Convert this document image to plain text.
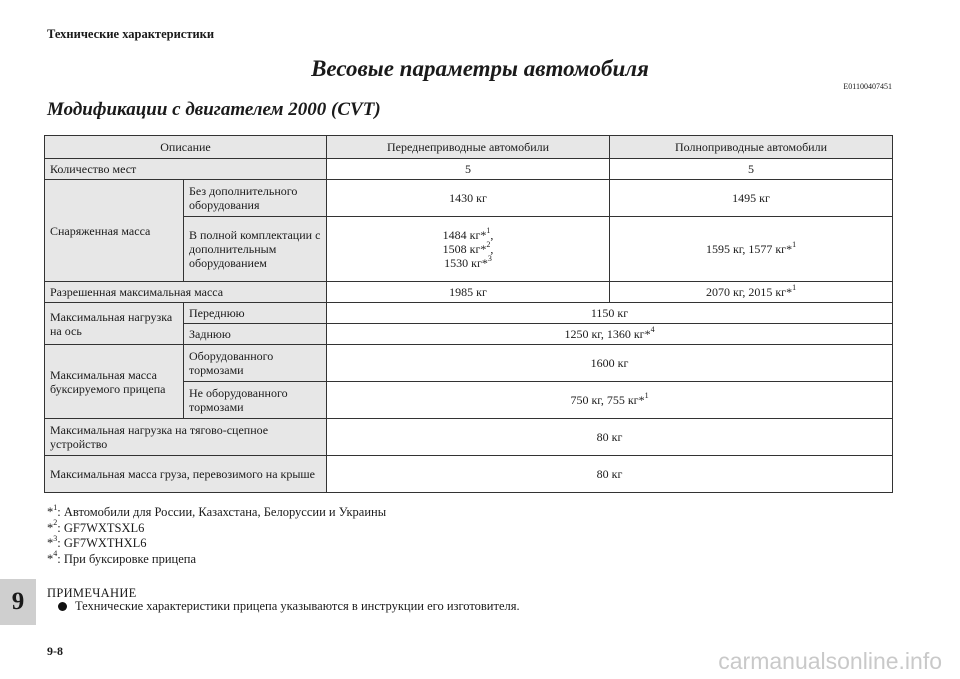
Технические характеристики
Весовые параметры автомобиля
E01100407451
Модификации с двигателем 2000 (CVT)
Описание		Переднеприводные автомобили	Полноприводные автомобили
Количество мест		5	5
Снаряженная масса	Без дополнительного оборудования	1430 кг	1495 кг
	В полной комплектации с дополнительным оборудованием	1484 кг*$^1$,
1508 кг*$^2$,
1530 кг*$^3$	1595 кг, 1577 кг*$^1$
Разрешенная максимальная масса		1985 кг	2070 кг, 2015 кг*$^1$
Максимальная нагрузка на ось	Переднюю	1150 кг	
	Заднюю	1250 кг, 1360 кг*$^4$
Максимальная масса буксируемого прицепа	Оборудованного тормозами	1600 кг	
	Не оборудованного тормозами	750 кг, 755 кг*$^1$
Максимальная нагрузка на тягово-сцепное устройство		80 кг	
Максимальная масса груза, перевозимого на крыше		80 кг	
*$^1$: Автомобили для России, Казахстана, Белоруссии и Украины
*$^2$: GF7WXTSXL6
*$^3$: GF7WXTHXL6
*$^4$: При буксировке прицепа
ПРИМЕЧАНИЕ
Технические характеристики прицепа указываются в инструкции его изготовителя.
9
9-8	carmanualsonline.info
